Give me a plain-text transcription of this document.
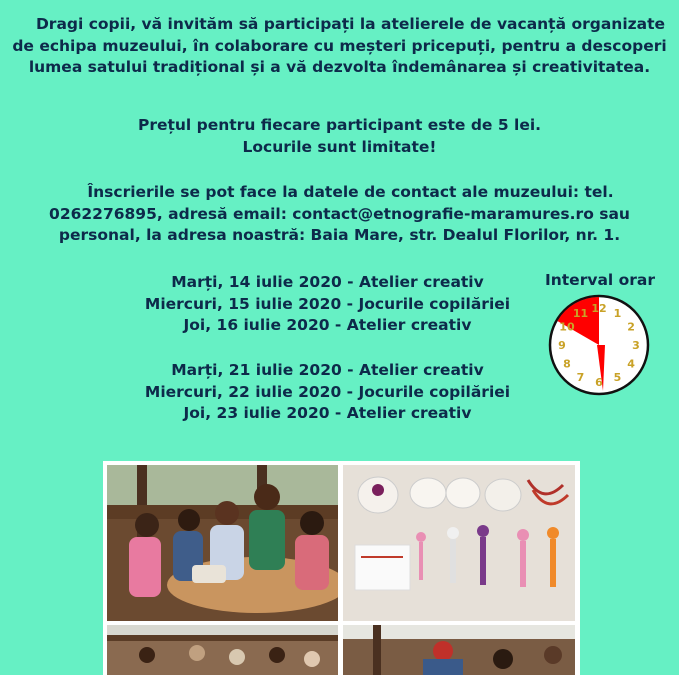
Dragi copii, vă invităm să participați la atelierele de vacanță organizate
de echipa muzeului, în colaborare cu meșteri pricepuți, pentru a descoperi
lumea satului tradițional și a vă dezvolta îndemânarea și creativitatea.
Prețul pentru fiecare participant este de 5 lei.
Locurile sunt limitate!
Înscrierile se pot face la datele de contact ale muzeului: tel.
0262276895, adresă email: contact@etnografie-maramures.ro sau
personal, la adresa noastră: Baia Mare, str. Dealul Florilor, nr. 1.
Marți, 14 iulie 2020 - Atelier creativ
Miercuri, 15 iulie 2020 - Jocurile copilăriei
Joi, 16 iulie 2020 - Atelier creativ
Marți, 21 iulie 2020 - Atelier creativ
Miercuri, 22 iulie 2020 - Jocurile copilăriei
Joi, 23 iulie 2020 - Atelier creativ
Interval orar
12 1
2
3
4
5
6
7
8
9
10
11
